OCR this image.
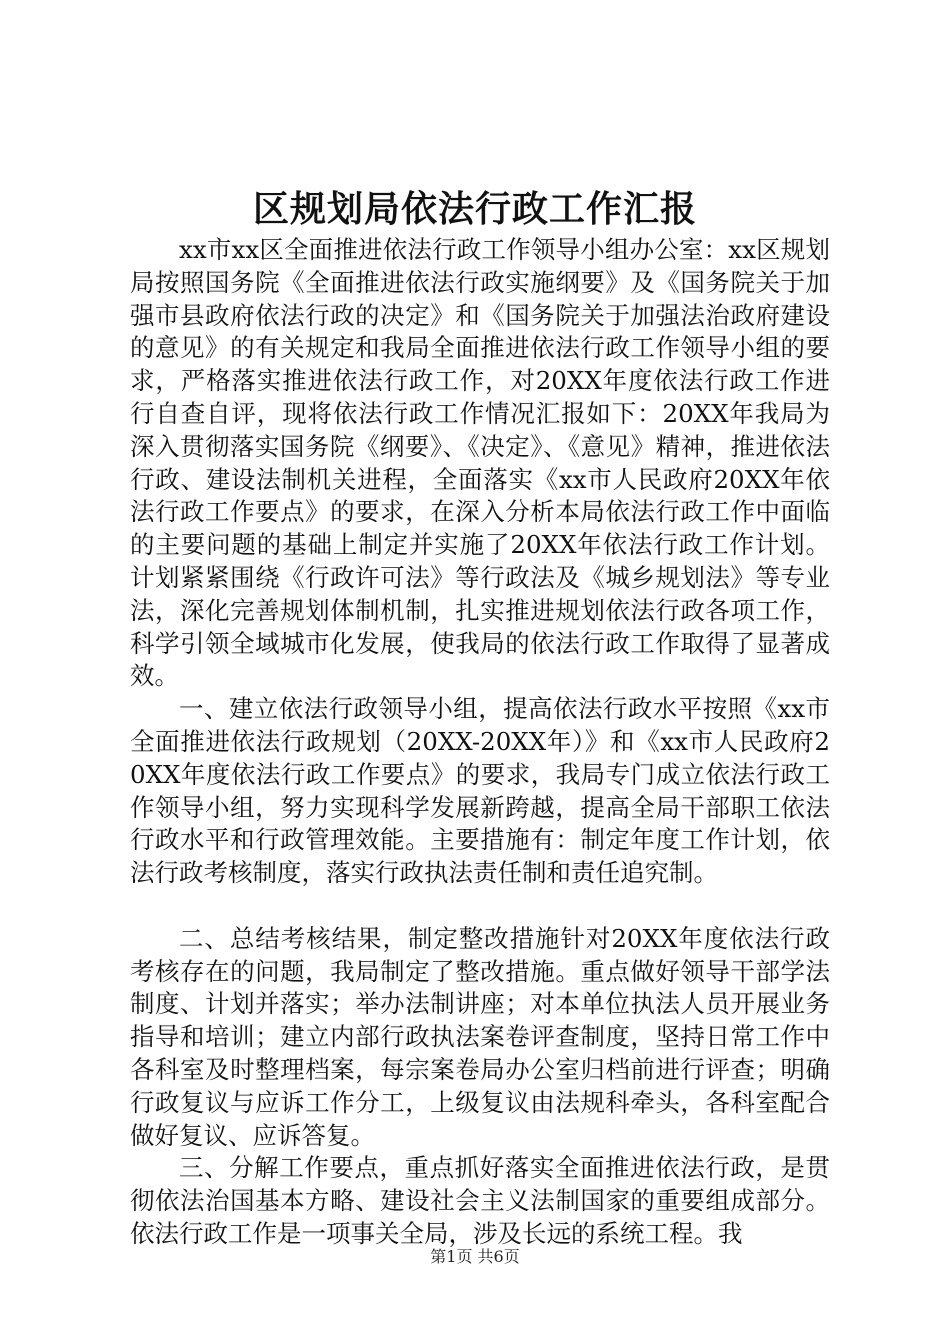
区规划局依法行政工作汇报

xx市xx区全面推进依法行政工作领导小组办公室：xx区规划局按照国务院《全面推进依法行政实施纲要》及《国务院关于加强市县政府依法行政的决定》和《国务院关于加强法治政府建设的意见》的有关规定和我局全面推进依法行政工作领导小组的要求，严格落实推进依法行政工作，对20XX年度依法行政工作进行自查自评，现将依法行政工作情况汇报如下：20XX年我局为深入贯彻落实国务院《纲要》、《决定》、《意见》精神，推进依法行政、建设法制机关进程，全面落实《xx市人民政府20XX年依法行政工作要点》的要求，在深入分析本局依法行政工作中面临的主要问题的基础上制定并实施了20XX年依法行政工作计划。计划紧紧围绕《行政许可法》等行政法及《城乡规划法》等专业法，深化完善规划体制机制，扎实推进规划依法行政各项工作，科学引领全域城市化发展，使我局的依法行政工作取得了显著成效。

一、建立依法行政领导小组，提高依法行政水平按照《xx市全面推进依法行政规划（20XX-20XX年）》和《xx市人民政府20XX年度依法行政工作要点》的要求，我局专门成立依法行政工作领导小组，努力实现科学发展新跨越，提高全局干部职工依法行政水平和行政管理效能。主要措施有：制定年度工作计划，依法行政考核制度，落实行政执法责任制和责任追究制。

二、总结考核结果，制定整改措施针对20XX年度依法行政考核存在的问题，我局制定了整改措施。重点做好领导干部学法制度、计划并落实；举办法制讲座；对本单位执法人员开展业务指导和培训；建立内部行政执法案卷评查制度，坚持日常工作中各科室及时整理档案，每宗案卷局办公室归档前进行评查；明确行政复议与应诉工作分工，上级复议由法规科牵头，各科室配合做好复议、应诉答复。

三、分解工作要点，重点抓好落实全面推进依法行政，是贯彻依法治国基本方略、建设社会主义法制国家的重要组成部分。依法行政工作是一项事关全局，涉及长远的系统工程。我

第1页 共6页
